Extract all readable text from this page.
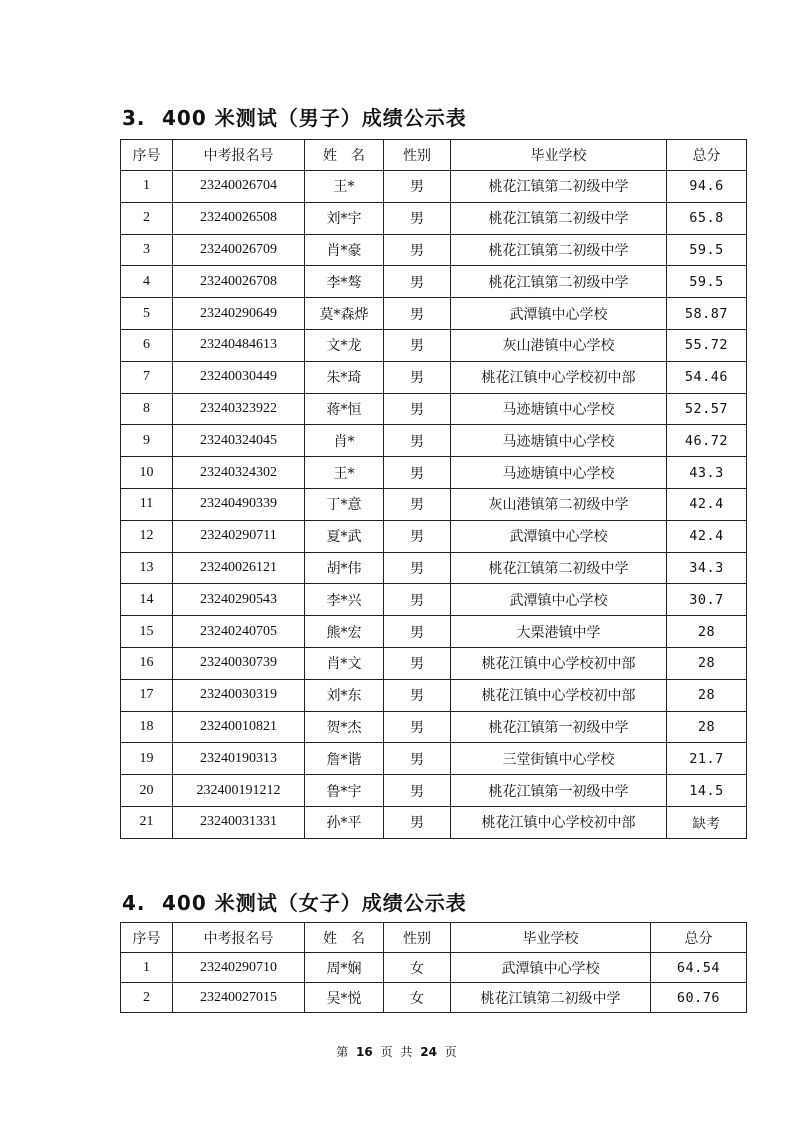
3. 400 米测试（男子）成绩公示表
序号	中考报名号	姓　名	性别	毕业学校	总分
1	23240026704	王*	男	桃花江镇第二初级中学	94.6
2	23240026508	刘*宇	男	桃花江镇第二初级中学	65.8
3	23240026709	肖*豪	男	桃花江镇第二初级中学	59.5
4	23240026708	李*骜	男	桃花江镇第二初级中学	59.5
5	23240290649	莫*森烨	男	武潭镇中心学校	58.87
6	23240484613	文*龙	男	灰山港镇中心学校	55.72
7	23240030449	朱*琦	男	桃花江镇中心学校初中部	54.46
8	23240323922	蒋*恒	男	马迹塘镇中心学校	52.57
9	23240324045	肖*	男	马迹塘镇中心学校	46.72
10	23240324302	王*	男	马迹塘镇中心学校	43.3
11	23240490339	丁*意	男	灰山港镇第二初级中学	42.4
12	23240290711	夏*武	男	武潭镇中心学校	42.4
13	23240026121	胡*伟	男	桃花江镇第二初级中学	34.3
14	23240290543	李*兴	男	武潭镇中心学校	30.7
15	23240240705	熊*宏	男	大栗港镇中学	28
16	23240030739	肖*文	男	桃花江镇中心学校初中部	28
17	23240030319	刘*东	男	桃花江镇中心学校初中部	28
18	23240010821	贺*杰	男	桃花江镇第一初级中学	28
19	23240190313	詹*谐	男	三堂街镇中心学校	21.7
20	232400191212	鲁*宇	男	桃花江镇第一初级中学	14.5
21	23240031331	孙*平	男	桃花江镇中心学校初中部	缺考
4. 400 米测试（女子）成绩公示表
序号	中考报名号	姓　名	性别	毕业学校	总分
1	23240290710	周*娴	女	武潭镇中心学校	64.54
2	23240027015	吴*悦	女	桃花江镇第二初级中学	60.76
第 16 页 共 24 页
